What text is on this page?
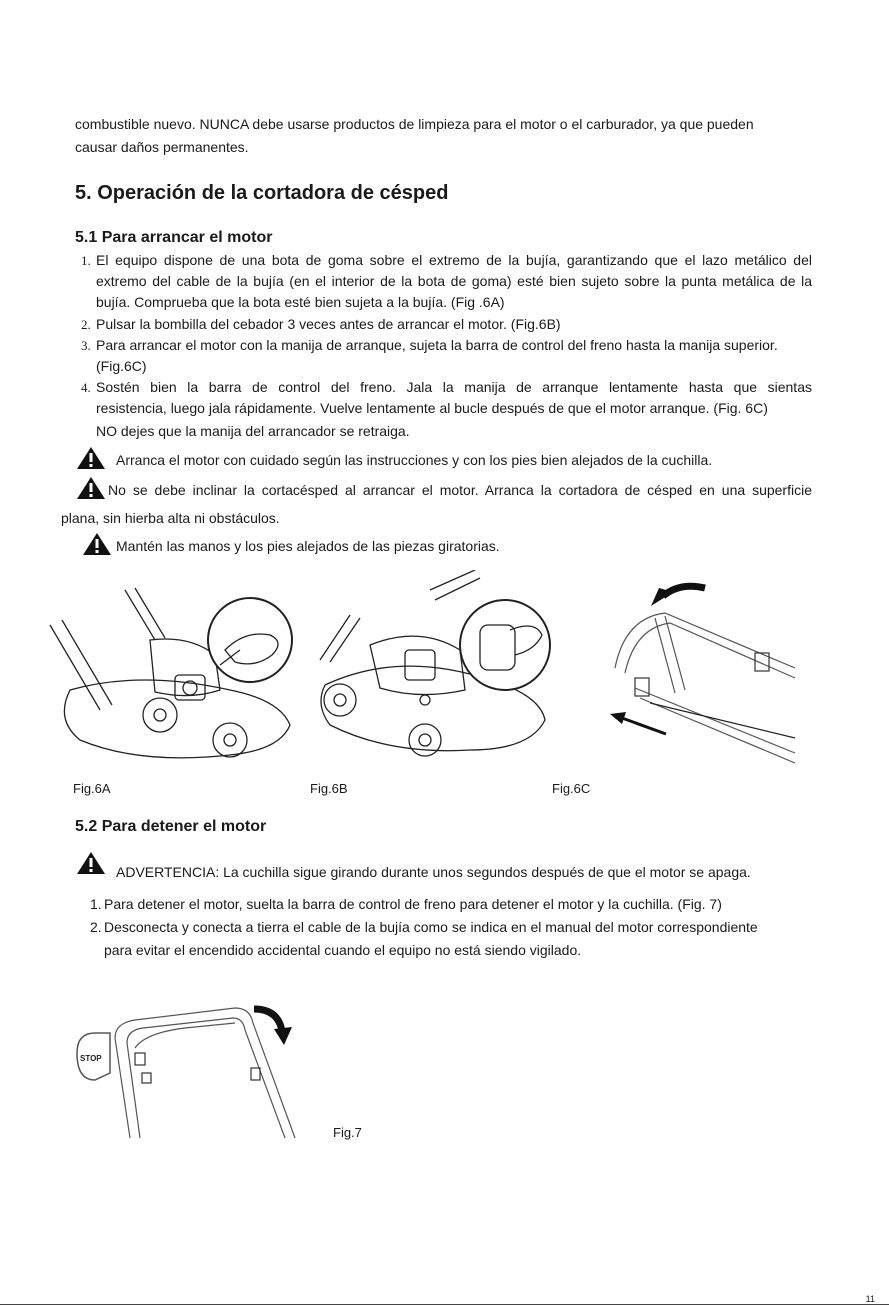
combustible nuevo. NUNCA debe usarse productos de limpieza para el motor o el carburador, ya que pueden
causar daños permanentes.
5. Operación de la cortadora de césped
5.1 Para arrancar el motor
1. El equipo dispone de una bota de goma sobre el extremo de la bujía, garantizando que el lazo metálico del
extremo del cable de la bujía (en el interior de la bota de goma) esté bien sujeto sobre la punta metálica de la
bujía. Comprueba que la bota esté bien sujeta a la bujía. (Fig .6A)
2. Pulsar la bombilla del cebador 3 veces antes de arrancar el motor. (Fig.6B)
3. Para arrancar el motor con la manija de arranque, sujeta la barra de control del freno hasta la manija superior.
(Fig.6C)
4. Sostén bien la barra de control del freno. Jala la manija de arranque lentamente hasta que sientas
resistencia, luego jala rápidamente. Vuelve lentamente al bucle después de que el motor arranque. (Fig. 6C)
NO dejes que la manija del arrancador se retraiga.
Arranca el motor con cuidado según las instrucciones y con los pies bien alejados de la cuchilla.
No se debe inclinar la cortacésped al arrancar el motor. Arranca la cortadora de césped en una superficie
plana, sin hierba alta ni obstáculos.
Mantén las manos y los pies alejados de las piezas giratorias.
Fig.6A	Fig.6B	Fig.6C
5.2 Para detener el motor
ADVERTENCIA: La cuchilla sigue girando durante unos segundos después de que el motor se apaga.
1. Para detener el motor, suelta la barra de control de freno para detener el motor y la cuchilla. (Fig. 7)
2. Desconecta y conecta a tierra el cable de la bujía como se indica en el manual del motor correspondiente
para evitar el encendido accidental cuando el equipo no está siendo vigilado.
STOP
Fig.7
11
